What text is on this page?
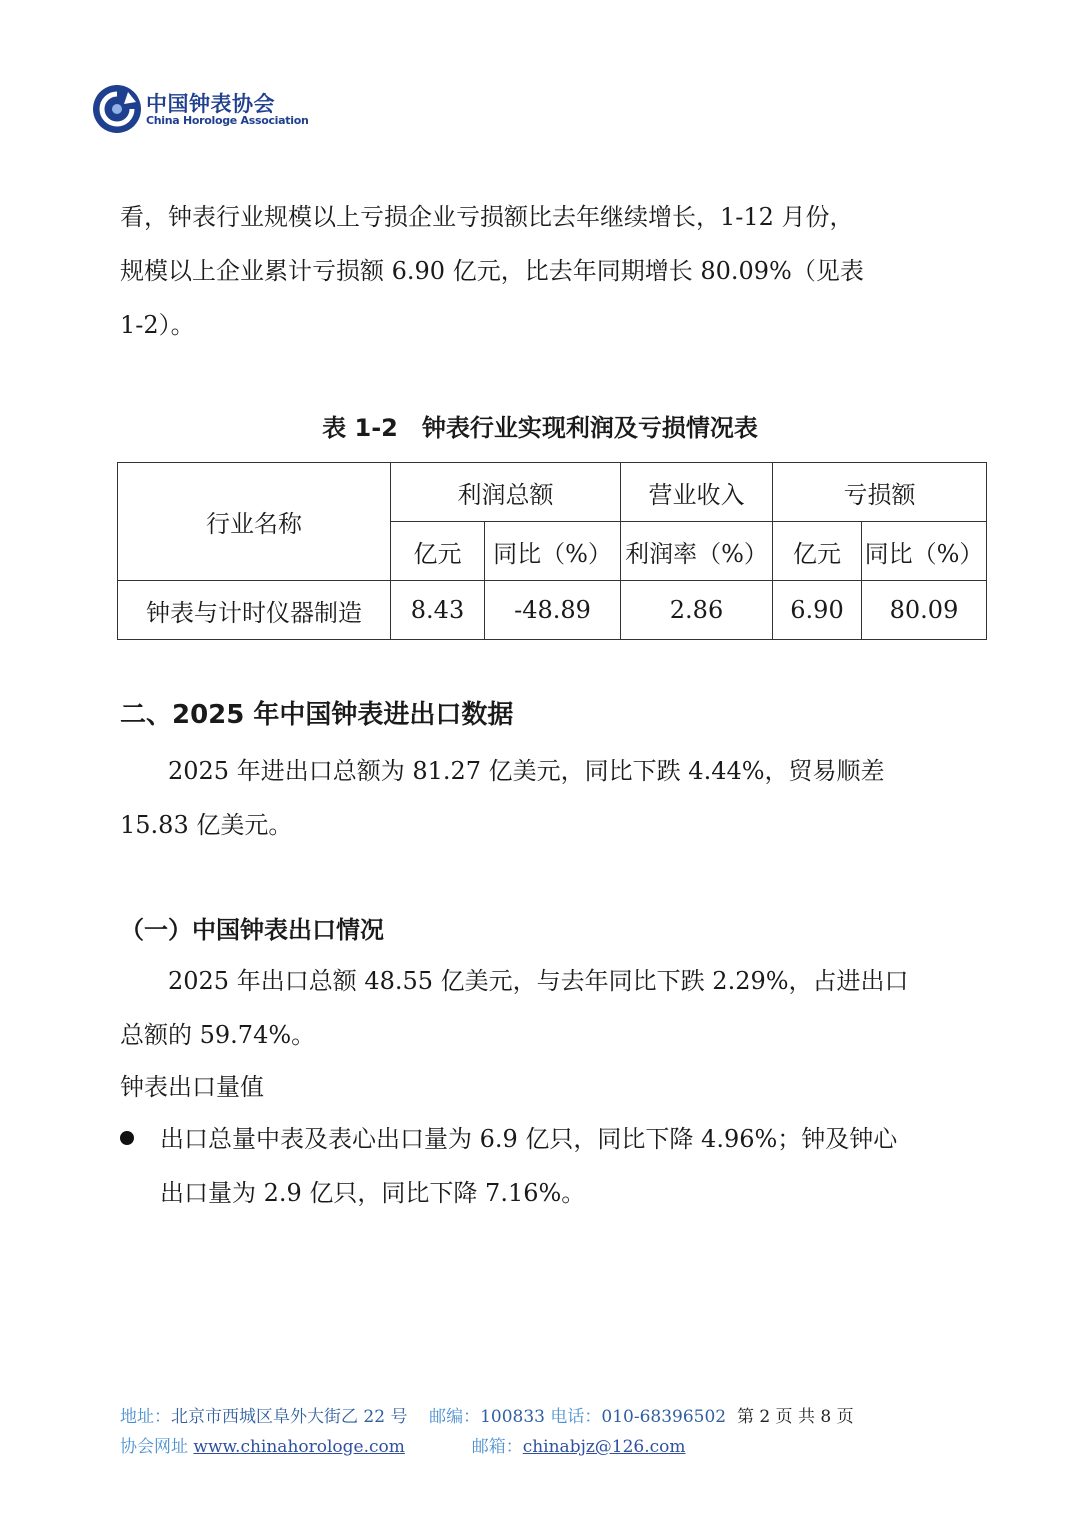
中国钟表协会
China Horologe Association
看，钟表行业规模以上亏损企业亏损额比去年继续增长，1-12 月份，
规模以上企业累计亏损额 6.90 亿元，比去年同期增长 80.09%（见表
1-2）。
表 1-2　钟表行业实现利润及亏损情况表
行业名称	利润总额		营业收入	亏损额	
	亿元	同比（%）	利润率（%）	亿元	同比（%）
钟表与计时仪器制造	8.43	-48.89	2.86	6.90	80.09
二、2025 年中国钟表进出口数据
　　2025 年进出口总额为 81.27 亿美元，同比下跌 4.44%，贸易顺差
15.83 亿美元。
（一）中国钟表出口情况
　　2025 年出口总额 48.55 亿美元，与去年同比下跌 2.29%，占进出口
总额的 59.74%。
钟表出口量值
出口总量中表及表心出口量为 6.9 亿只，同比下降 4.96%；钟及钟心
出口量为 2.9 亿只，同比下降 7.16%。
地址：北京市西城区阜外大街乙 22 号 邮编：100833 电话：010-68396502 第 2 页 共 8 页
协会网址 www.chinahorologe.com	邮箱：chinabjz@126.com
